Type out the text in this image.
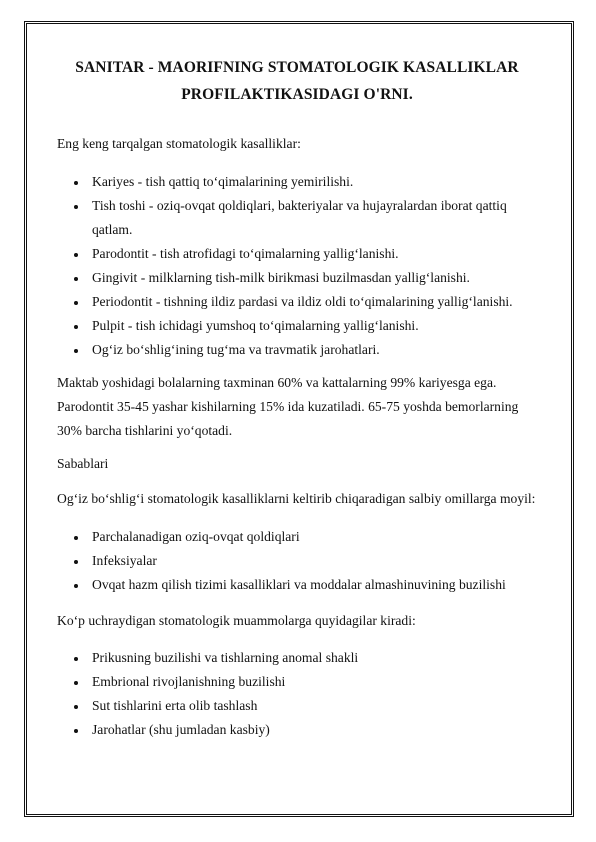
SANITAR - MAORIFNING STOMATOLOGIK KASALLIKLAR
PROFILAKTIKASIDAGI O'RNI.

Eng keng tarqalgan stomatologik kasalliklar:

Kariyes - tish qattiq to‘qimalarining yemirilishi.
Tish toshi - oziq-ovqat qoldiqlari, bakteriyalar va hujayralardan iborat qattiq qatlam.
Parodontit - tish atrofidagi to‘qimalarning yallig‘lanishi.
Gingivit - milklarning tish-milk birikmasi buzilmasdan yallig‘lanishi.
Periodontit - tishning ildiz pardasi va ildiz oldi to‘qimalarining yallig‘lanishi.
Pulpit - tish ichidagi yumshoq to‘qimalarning yallig‘lanishi.
Og‘iz bo‘shlig‘ining tug‘ma va travmatik jarohatlari.

Maktab yoshidagi bolalarning taxminan 60% va kattalarning 99% kariyesga ega. Parodontit 35-45 yashar kishilarning 15% ida kuzatiladi. 65-75 yoshda bemorlarning 30% barcha tishlarini yo‘qotadi.

Sabablari

Og‘iz bo‘shlig‘i stomatologik kasalliklarni keltirib chiqaradigan salbiy omillarga moyil:

Parchalanadigan oziq-ovqat qoldiqlari
Infeksiyalar
Ovqat hazm qilish tizimi kasalliklari va moddalar almashinuvining buzilishi

Ko‘p uchraydigan stomatologik muammolarga quyidagilar kiradi:

Prikusning buzilishi va tishlarning anomal shakli
Embrional rivojlanishning buzilishi
Sut tishlarini erta olib tashlash
Jarohatlar (shu jumladan kasbiy)
